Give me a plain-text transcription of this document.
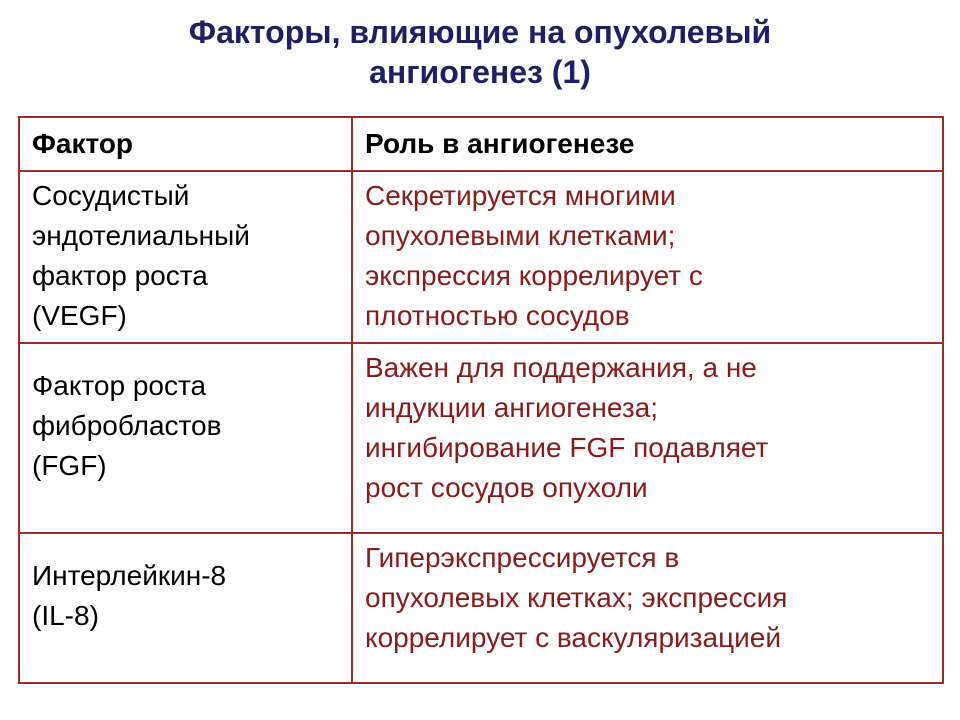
Факторы, влияющие на опухолевый
ангиогенез (1)
Фактор	Роль в ангиогенезе

Сосудистый
эндотелиальный
фактор роста
(VEGF)	Секретируется многими
опухолевыми клетками;
экспрессия коррелирует с
плотностью сосудов

Фактор роста
фибробластов
(FGF)	Важен для поддержания, а не
индукции ангиогенеза;
ингибирование FGF подавляет
рост сосудов опухоли

Интерлейкин-8
(IL-8)	Гиперэкспрессируется в
опухолевых клетках; экспрессия
коррелирует с васкуляризацией
